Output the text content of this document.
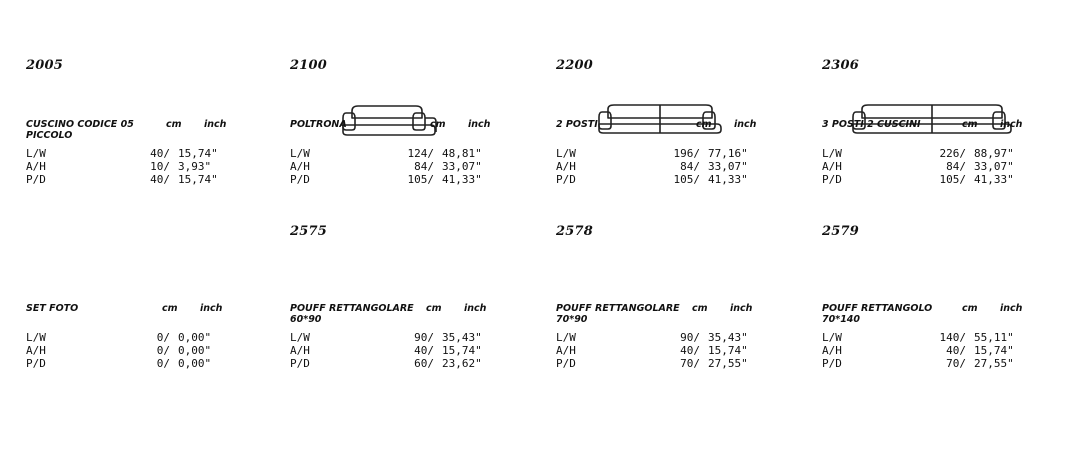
2005
CUSCINO CODICE 05 PICCOLO
cm inch
L/W	40/ 15,74"
A/H	10/ 3,93"
P/D	40/ 15,74"
2100
POLTRONA	cm inch
L/W	124/ 48,81"
A/H	84/ 33,07"
P/D	105/ 41,33"
2200
2 POSTI	cm inch
L/W	196/ 77,16"
A/H	84/ 33,07"
P/D	105/ 41,33"
2306
3 POSTI 2 CUSCINI	cm inch
L/W	226/ 88,97"
A/H	84/ 33,07"
P/D	105/ 41,33"
2575	2578	2579
SET FOTO	cm inch
L/W	0/ 0,00"
A/H	0/ 0,00"
P/D	0/ 0,00"
POUFF RETTANGOLARE 60*90
cm inch
L/W	90/ 35,43"
A/H	40/ 15,74"
P/D	60/ 23,62"
POUFF RETTANGOLARE 70*90
cm inch
L/W	90/ 35,43"
A/H	40/ 15,74"
P/D	70/ 27,55"
POUFF RETTANGOLO 70*140
cm inch
L/W	140/ 55,11"
A/H	40/ 15,74"
P/D	70/ 27,55"
